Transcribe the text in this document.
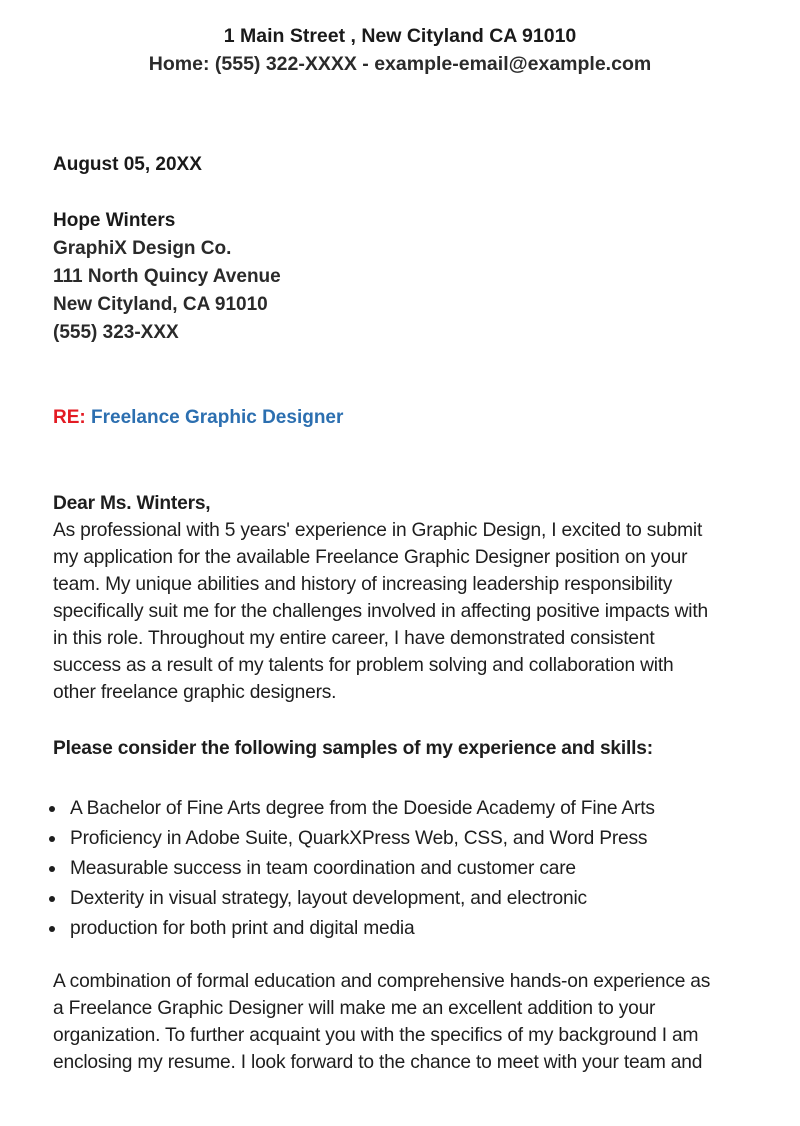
1 Main Street , New Cityland CA 91010
Home: (555) 322-XXXX - example-email@example.com
August 05, 20XX
Hope Winters
GraphiX Design Co.
111 North Quincy Avenue
New Cityland, CA 91010
(555) 323-XXX
RE: Freelance Graphic Designer
Dear Ms. Winters,
As professional with 5 years' experience in Graphic Design, I excited to submit
my application for the available Freelance Graphic Designer position on your
team. My unique abilities and history of increasing leadership responsibility
specifically suit me for the challenges involved in affecting positive impacts with
in this role. Throughout my entire career, I have demonstrated consistent
success as a result of my talents for problem solving and collaboration with
other freelance graphic designers.
Please consider the following samples of my experience and skills:
A Bachelor of Fine Arts degree from the Doeside Academy of Fine Arts
Proficiency in Adobe Suite, QuarkXPress Web, CSS, and Word Press
Measurable success in team coordination and customer care
Dexterity in visual strategy, layout development, and electronic
production for both print and digital media
A combination of formal education and comprehensive hands-on experience as
a Freelance Graphic Designer will make me an excellent addition to your
organization. To further acquaint you with the specifics of my background I am
enclosing my resume. I look forward to the chance to meet with your team and
